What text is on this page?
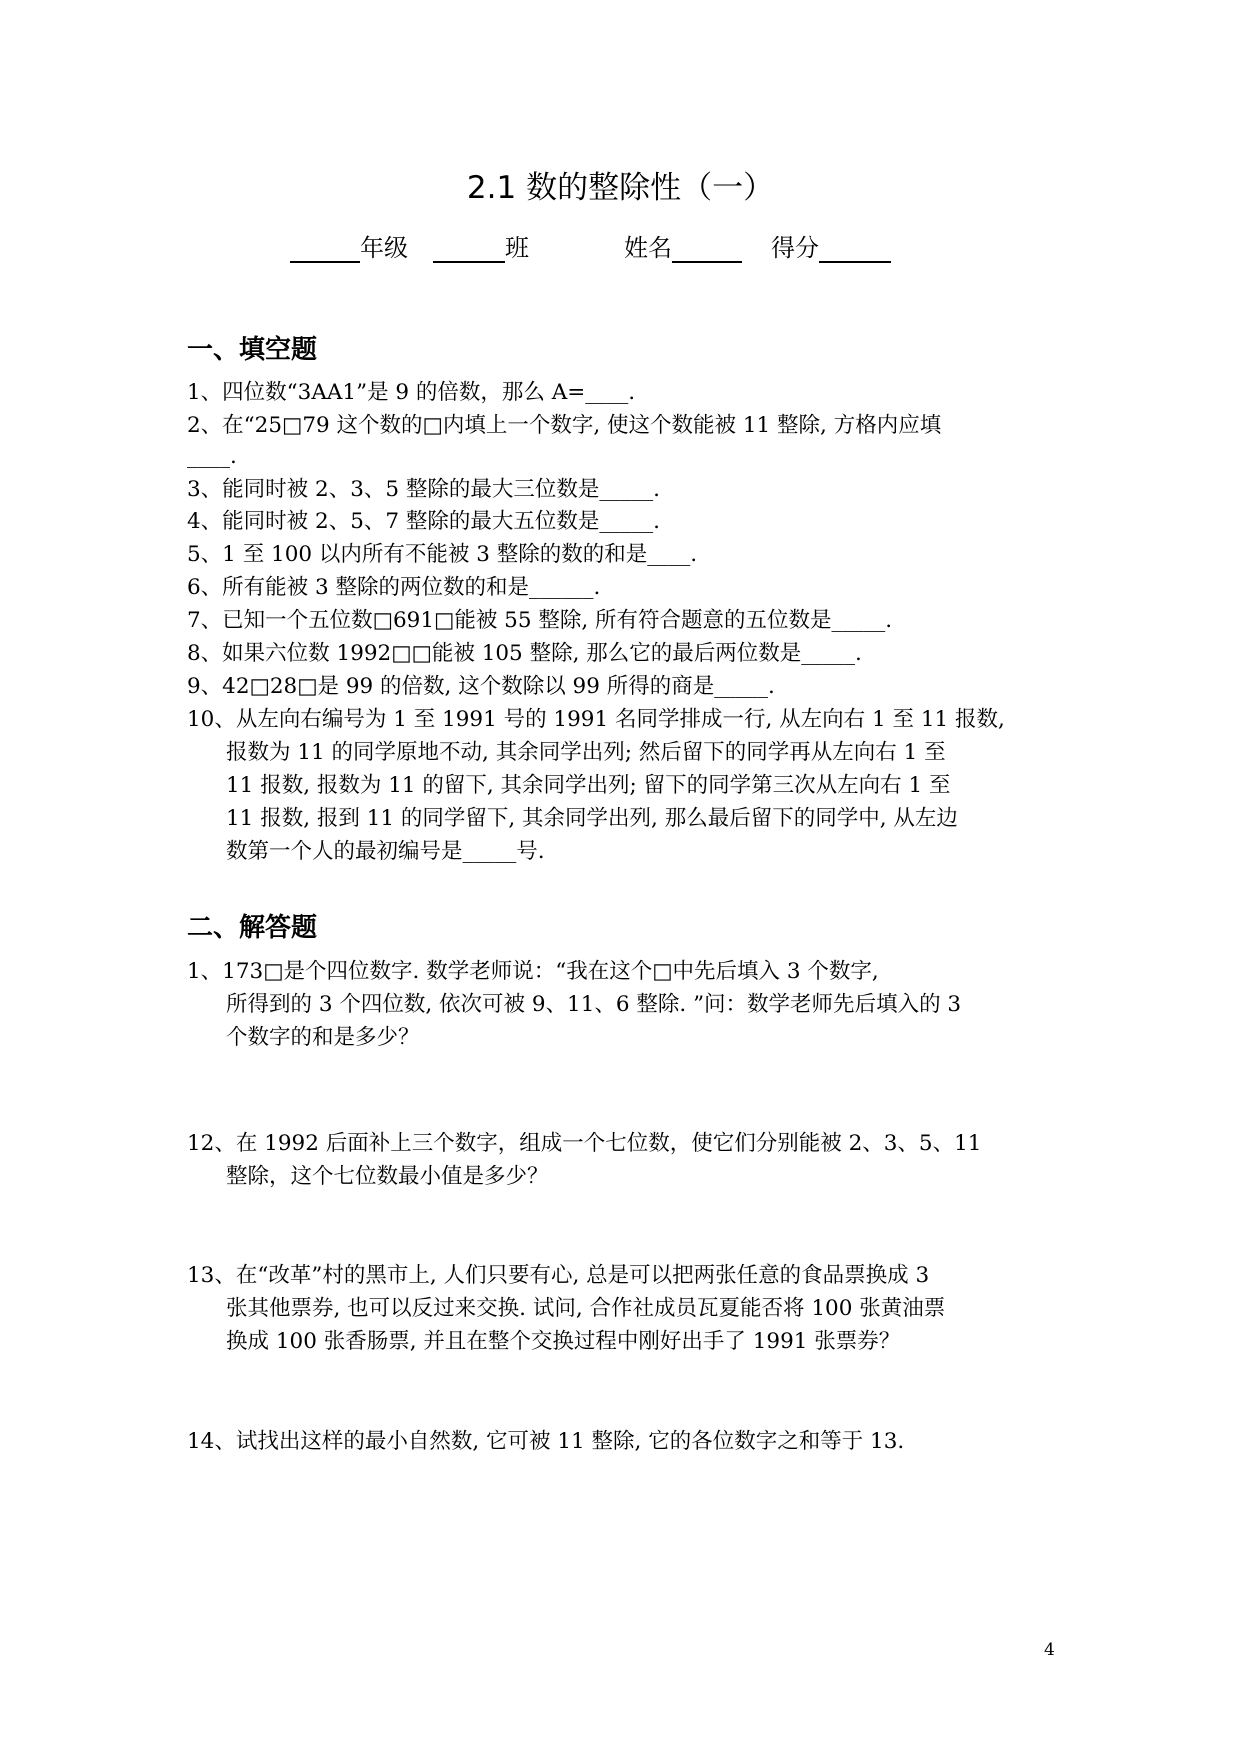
2.1 数的整除性（一）
年级	班	姓名	得分
一、填空题
1、四位数“3AA1”是 9 的倍数，那么 A=____.
2、在“25□79 这个数的□内填上一个数字, 使这个数能被 11 整除, 方格内应填
____.
3、能同时被 2、3、5 整除的最大三位数是_____.
4、能同时被 2、5、7 整除的最大五位数是_____.
5、1 至 100 以内所有不能被 3 整除的数的和是____.
6、所有能被 3 整除的两位数的和是______.
7、已知一个五位数□691□能被 55 整除, 所有符合题意的五位数是_____.
8、如果六位数 1992□□能被 105 整除, 那么它的最后两位数是_____.
9、42□28□是 99 的倍数, 这个数除以 99 所得的商是_____.
10、从左向右编号为 1 至 1991 号的 1991 名同学排成一行, 从左向右 1 至 11 报数,
报数为 11 的同学原地不动, 其余同学出列; 然后留下的同学再从左向右 1 至
11 报数, 报数为 11 的留下, 其余同学出列; 留下的同学第三次从左向右 1 至
11 报数, 报到 11 的同学留下, 其余同学出列, 那么最后留下的同学中, 从左边
数第一个人的最初编号是_____号.
二、解答题
1、173□是个四位数字. 数学老师说：“我在这个□中先后填入 3 个数字,
所得到的 3 个四位数, 依次可被 9、11、6 整除. ”问：数学老师先后填入的 3
个数字的和是多少？
12、在 1992 后面补上三个数字，组成一个七位数，使它们分别能被 2、3、5、11
整除，这个七位数最小值是多少？
13、在“改革”村的黑市上, 人们只要有心, 总是可以把两张任意的食品票换成 3
张其他票券, 也可以反过来交换. 试问, 合作社成员瓦夏能否将 100 张黄油票
换成 100 张香肠票, 并且在整个交换过程中刚好出手了 1991 张票券？
14、试找出这样的最小自然数, 它可被 11 整除, 它的各位数字之和等于 13.
4
